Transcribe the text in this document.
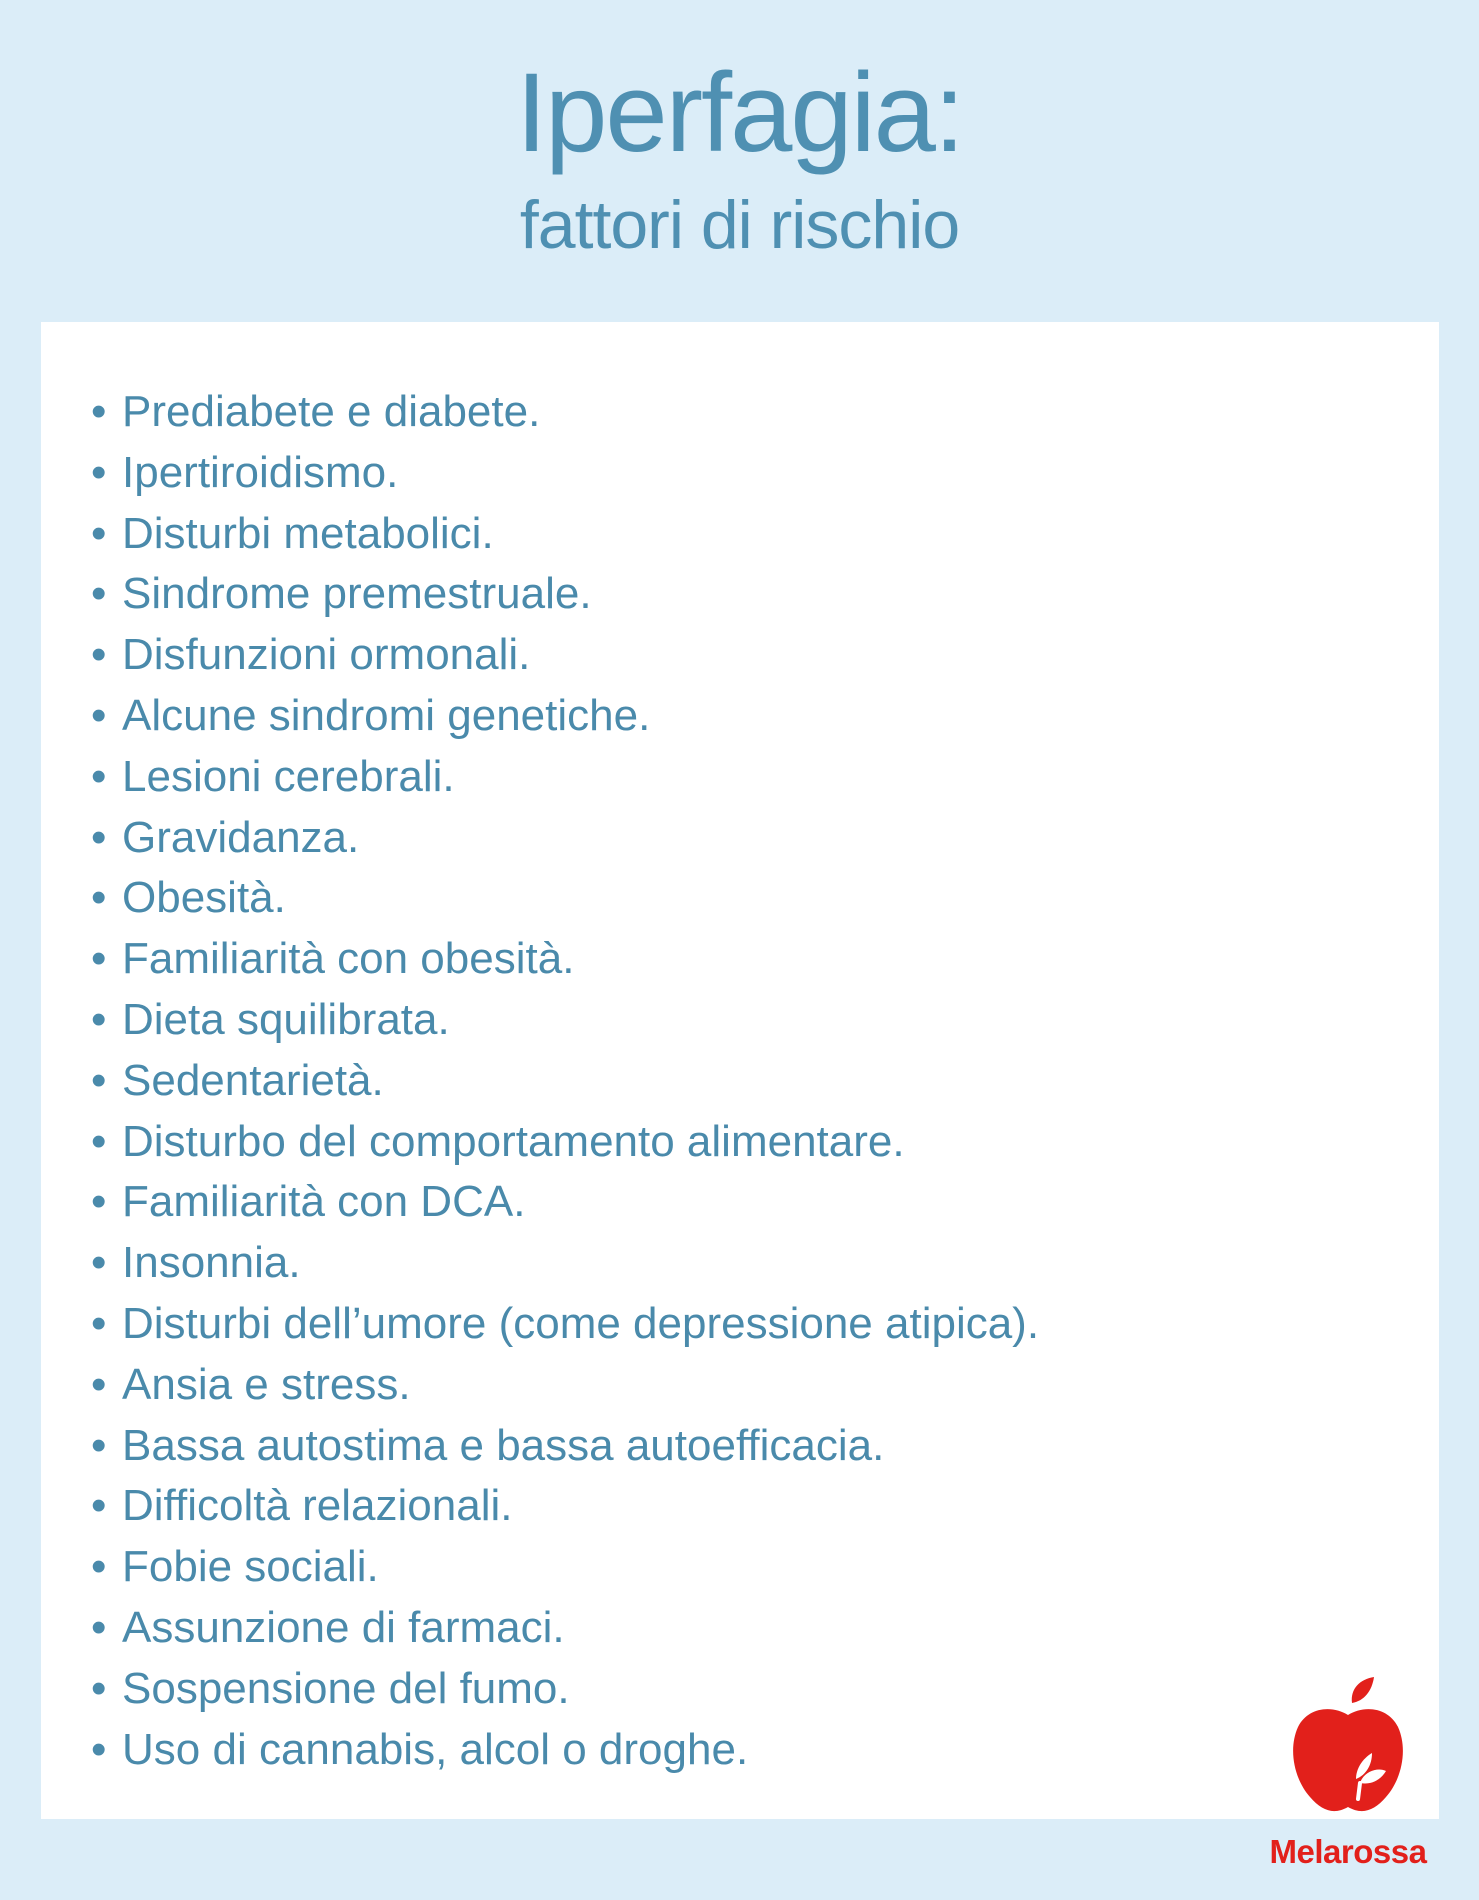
Iperfagia:
fattori di rischio
• Prediabete e diabete.
• Ipertiroidismo.
• Disturbi metabolici.
• Sindrome premestruale.
• Disfunzioni ormonali.
• Alcune sindromi genetiche.
• Lesioni cerebrali.
• Gravidanza.
• Obesità.
• Familiarità con obesità.
• Dieta squilibrata.
• Sedentarietà.
• Disturbo del comportamento alimentare.
• Familiarità con DCA.
• Insonnia.
• Disturbi dell’umore (come depressione atipica).
• Ansia e stress.
• Bassa autostima e bassa autoefficacia.
• Difficoltà relazionali.
• Fobie sociali.
• Assunzione di farmaci.
• Sospensione del fumo.
• Uso di cannabis, alcol o droghe.
Melarossa
